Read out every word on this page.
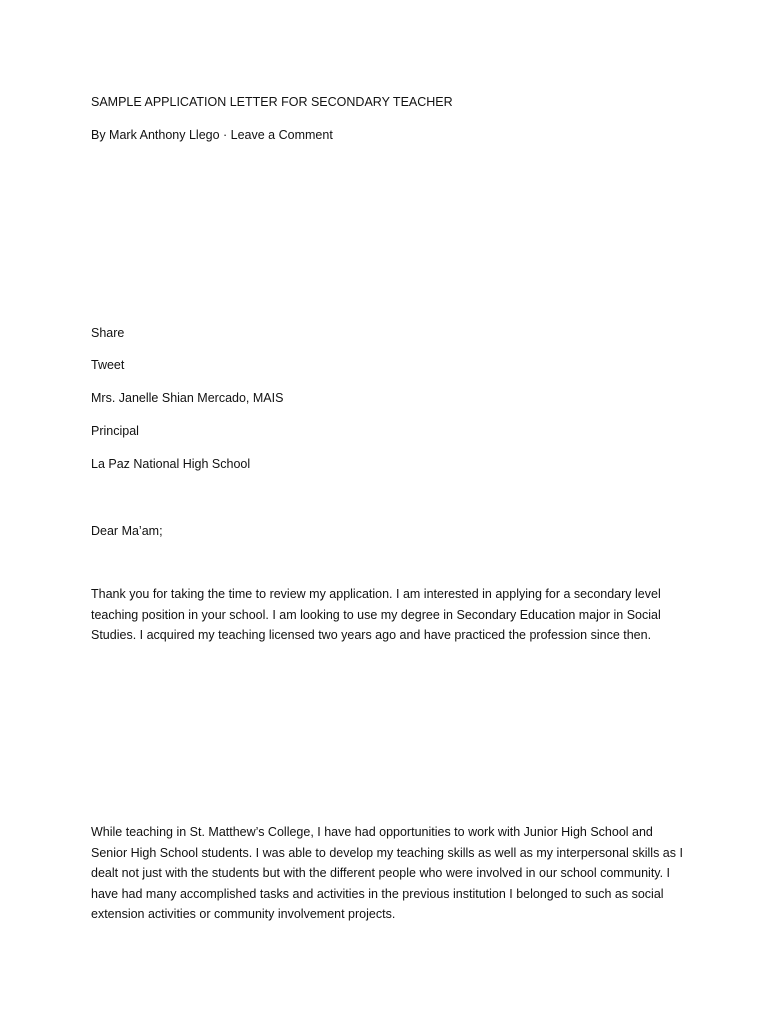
SAMPLE APPLICATION LETTER FOR SECONDARY TEACHER
By Mark Anthony Llego · Leave a Comment
Share
Tweet
Mrs. Janelle Shian Mercado, MAIS
Principal
La Paz National High School
Dear Ma’am;
Thank you for taking the time to review my application. I am interested in applying for a secondary level teaching position in your school. I am looking to use my degree in Secondary Education major in Social Studies. I acquired my teaching licensed two years ago and have practiced the profession since then.
While teaching in St. Matthew’s College, I have had opportunities to work with Junior High School and Senior High School students. I was able to develop my teaching skills as well as my interpersonal skills as I dealt not just with the students but with the different people who were involved in our school community. I have had many accomplished tasks and activities in the previous institution I belonged to such as social extension activities or community involvement projects.
